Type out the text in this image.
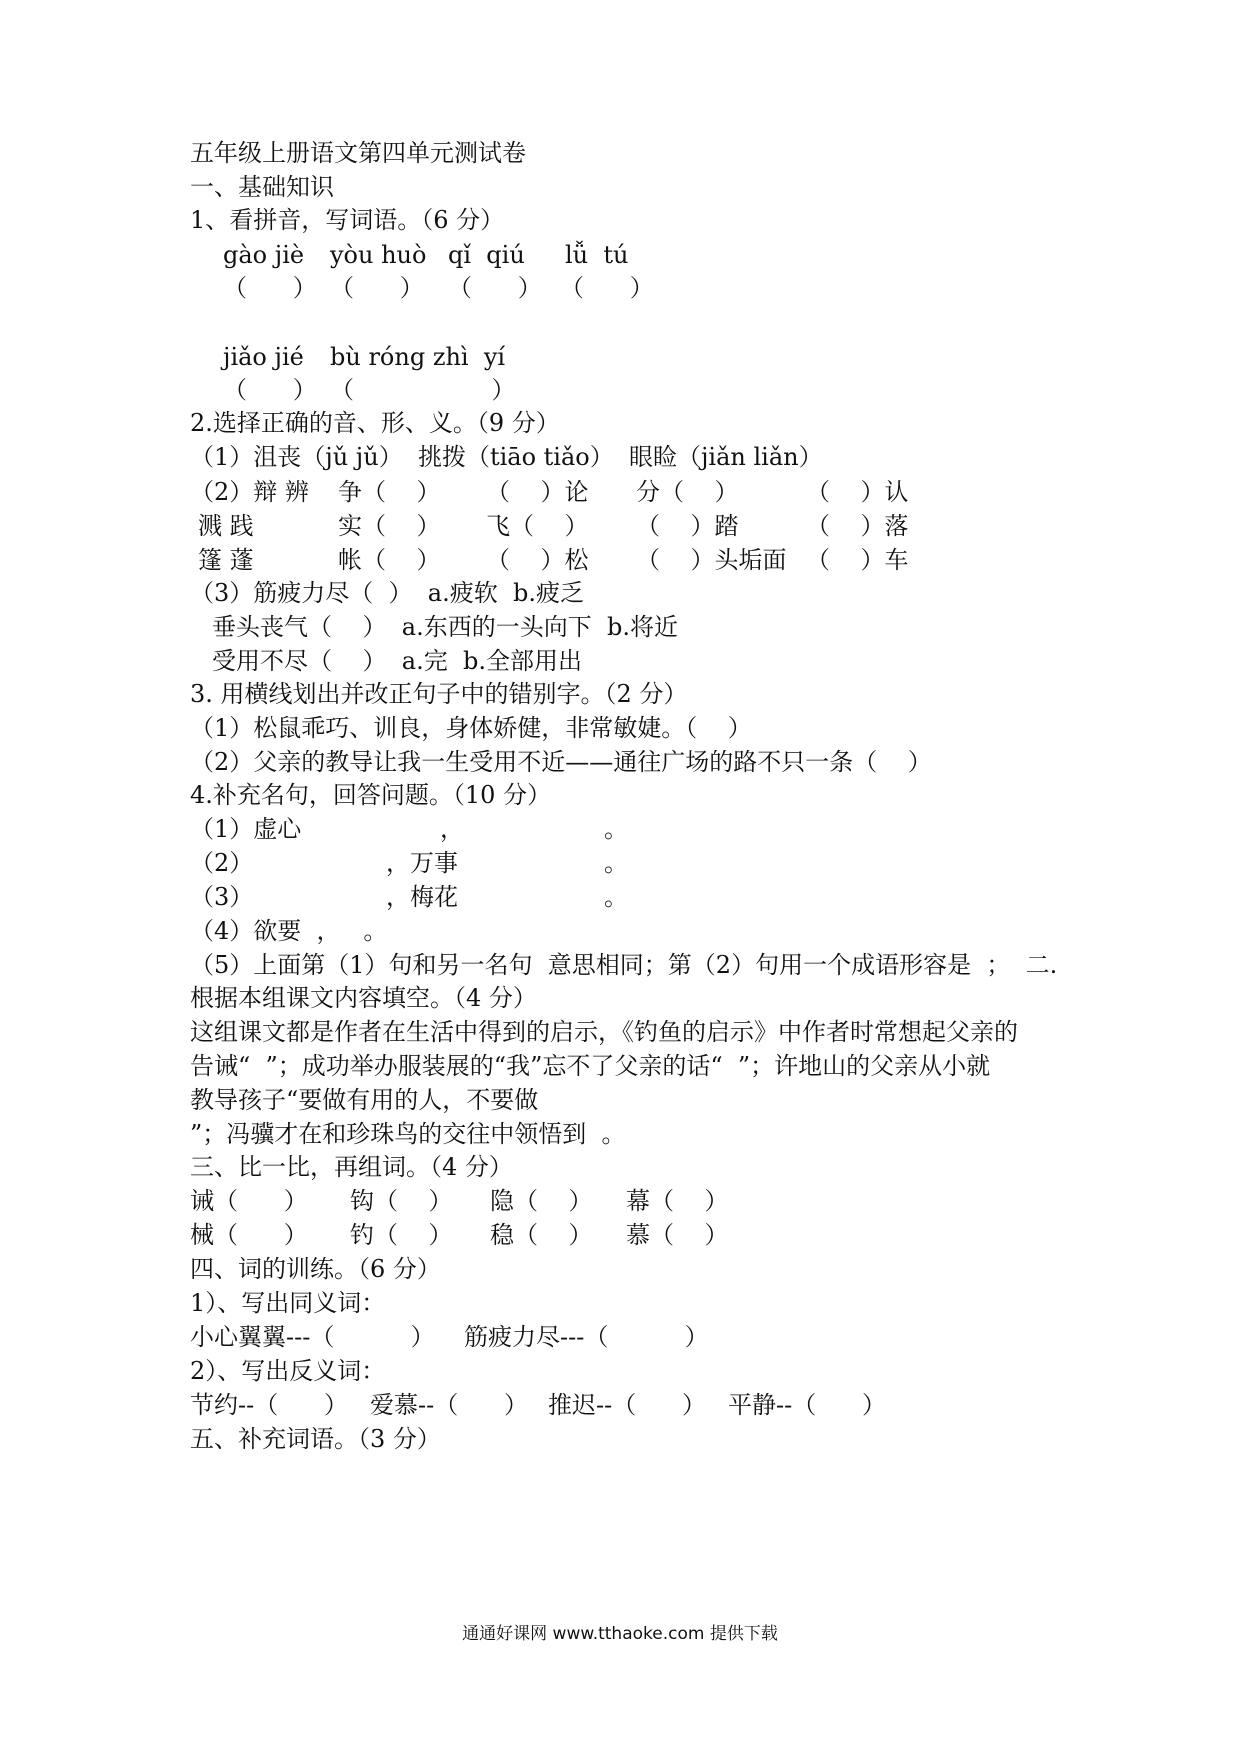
五年级上册语文第四单元测试卷
一、基础知识
1、看拼音，写词语。（6 分）
gào jiè yòu huò qǐ  qiú lǚ  tú
（      ） （      ） （      ） （      ）
jiǎo jié bù róng zhì  yí
（      ） （                  ）
2.选择正确的音、形、义。（9 分）
（1）沮丧（jǔ jǔ）  挑拨（tiāo tiǎo）  眼睑（jiǎn liǎn）
（2）辩 辨 争（    ） （    ）论 分（    ）	（    ）认
溅 践	实（    ） 飞（    ） （    ）踏	（    ）落
篷 蓬	帐（    ） （    ）松 （    ）头垢面 （    ）车
（3）筋疲力尽（  ）  a.疲软  b.疲乏
垂头丧气（    ）  a.东西的一头向下  b.将近
受用不尽（    ）  a.完  b.全部用出
3. 用横线划出并改正句子中的错别字。（2 分）
（1）松鼠乖巧、训良，身体娇健，非常敏婕。（    ）
（2）父亲的教导让我一生受用不近——通往广场的路不只一条（    ）
4.补充名句，回答问题。（10 分）
（1）虚心	，	。
（2）	，万事	。
（3）	，梅花	。
（4）欲要  ，   。
（5）上面第（1）句和另一名句  意思相同；第（2）句用一个成语形容是  ；  二.
根据本组课文内容填空。（4 分）
这组课文都是作者在生活中得到的启示，《钓鱼的启示》中作者时常想起父亲的
告诫“  ”；成功举办服装展的“我”忘不了父亲的话“  ”；许地山的父亲从小就
教导孩子“要做有用的人，不要做
”；冯骥才在和珍珠鸟的交往中领悟到  。
三、比一比，再组词。（4 分）
诫（      ） 钩（    ） 隐（    ） 幕（    ）
械（      ） 钓（    ） 稳（    ） 慕（    ）
四、词的训练。（6 分）
1）、写出同义词：
小心翼翼---（          ） 筋疲力尽---（          ）
2）、写出反义词：
节约--（      ） 爱慕--（      ） 推迟--（      ） 平静--（      ）
五、补充词语。（3 分）
通通好课网 www.tthaoke.com 提供下载
